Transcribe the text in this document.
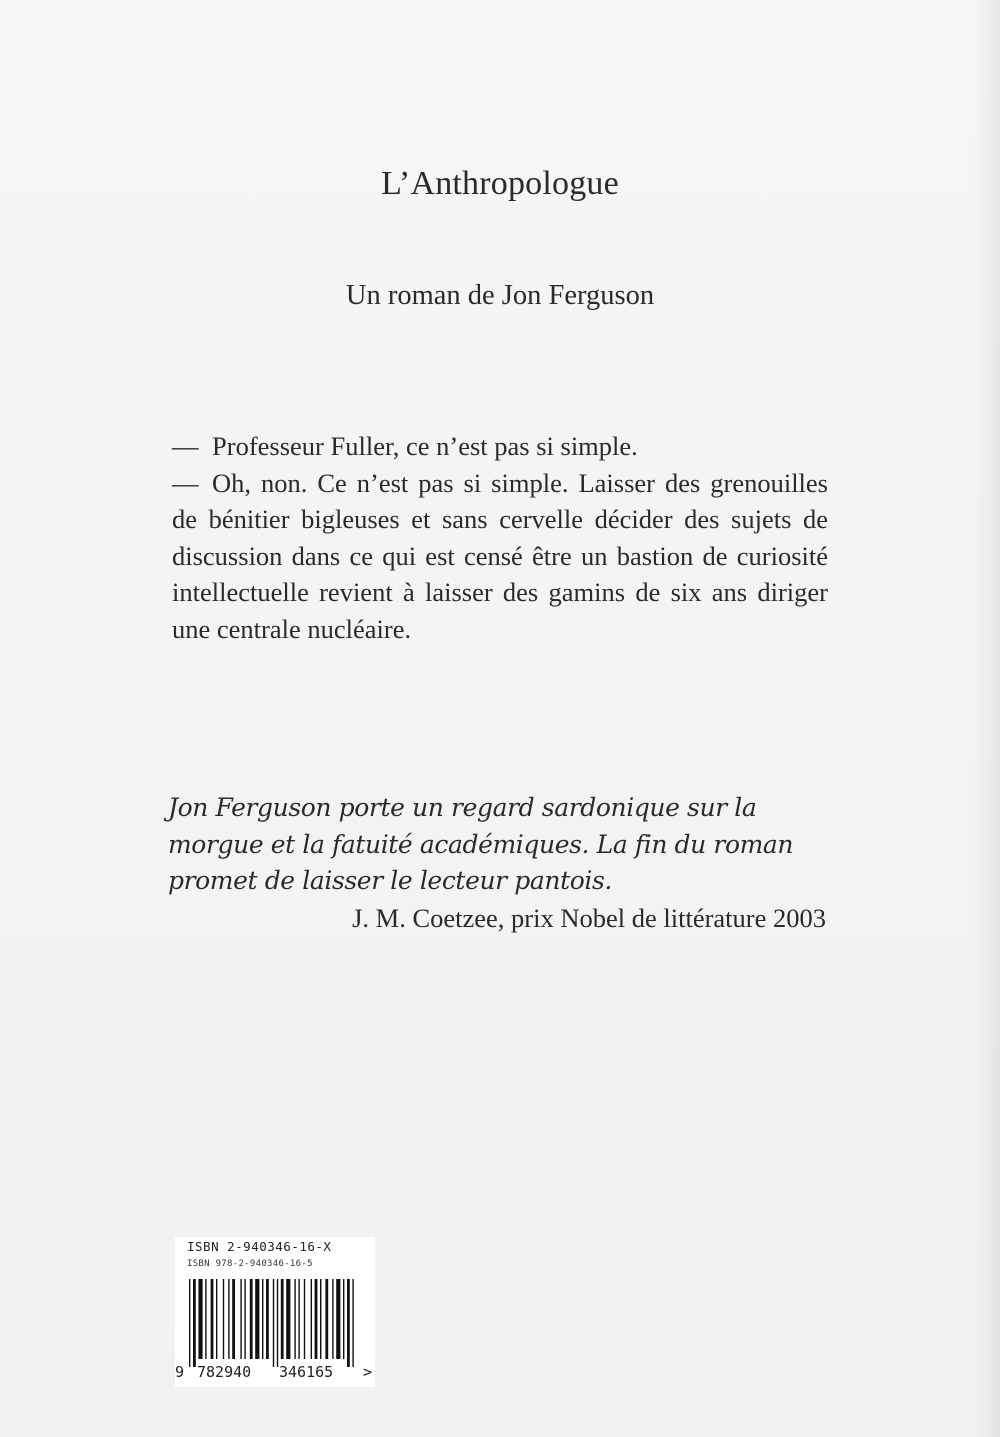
L’Anthropologue
Un roman de Jon Ferguson

— Professeur Fuller, ce n’est pas si simple.

— Oh, non. Ce n’est pas si simple. Laisser des grenouilles de bénitier bigleuses et sans cervelle décider des sujets de discussion dans ce qui est censé être un bastion de curiosité intellectuelle revient à laisser des gamins de six ans diriger une centrale nucléaire.

Jon Ferguson porte un regard sardonique sur la morgue et la fatuité académiques. La fin du roman promet de laisser le lecteur pantois.

J. M. Coetzee, prix Nobel de littérature 2003

ISBN 2-940346-16-X
ISBN 978-2-940346-16-5
9 782940 346165 >
